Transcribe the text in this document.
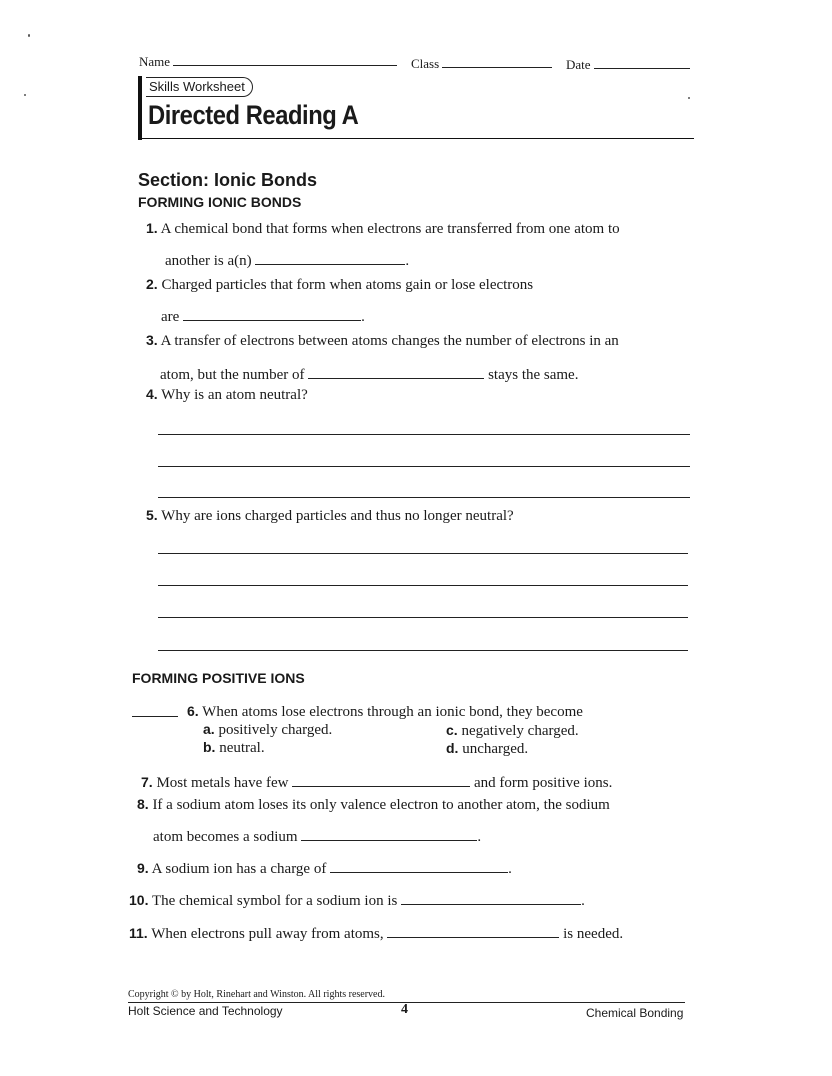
Name	Class	Date
Skills Worksheet
Directed Reading A
Section: Ionic Bonds
FORMING IONIC BONDS
1. A chemical bond that forms when electrons are transferred from one atom to
another is a(n)	.
2. Charged particles that form when atoms gain or lose electrons
are	.
3. A transfer of electrons between atoms changes the number of electrons in an
atom, but the number of	stays the same.
4. Why is an atom neutral?
5. Why are ions charged particles and thus no longer neutral?
FORMING POSITIVE IONS
6. When atoms lose electrons through an ionic bond, they become
a. positively charged.
b. neutral.
c. negatively charged.
d. uncharged.
7. Most metals have few	and form positive ions.
8. If a sodium atom loses its only valence electron to another atom, the sodium
atom becomes a sodium	.
9. A sodium ion has a charge of	.
10. The chemical symbol for a sodium ion is	.
11. When electrons pull away from atoms,	is needed.
Copyright © by Holt, Rinehart and Winston. All rights reserved.
Holt Science and Technology	4	Chemical Bonding
